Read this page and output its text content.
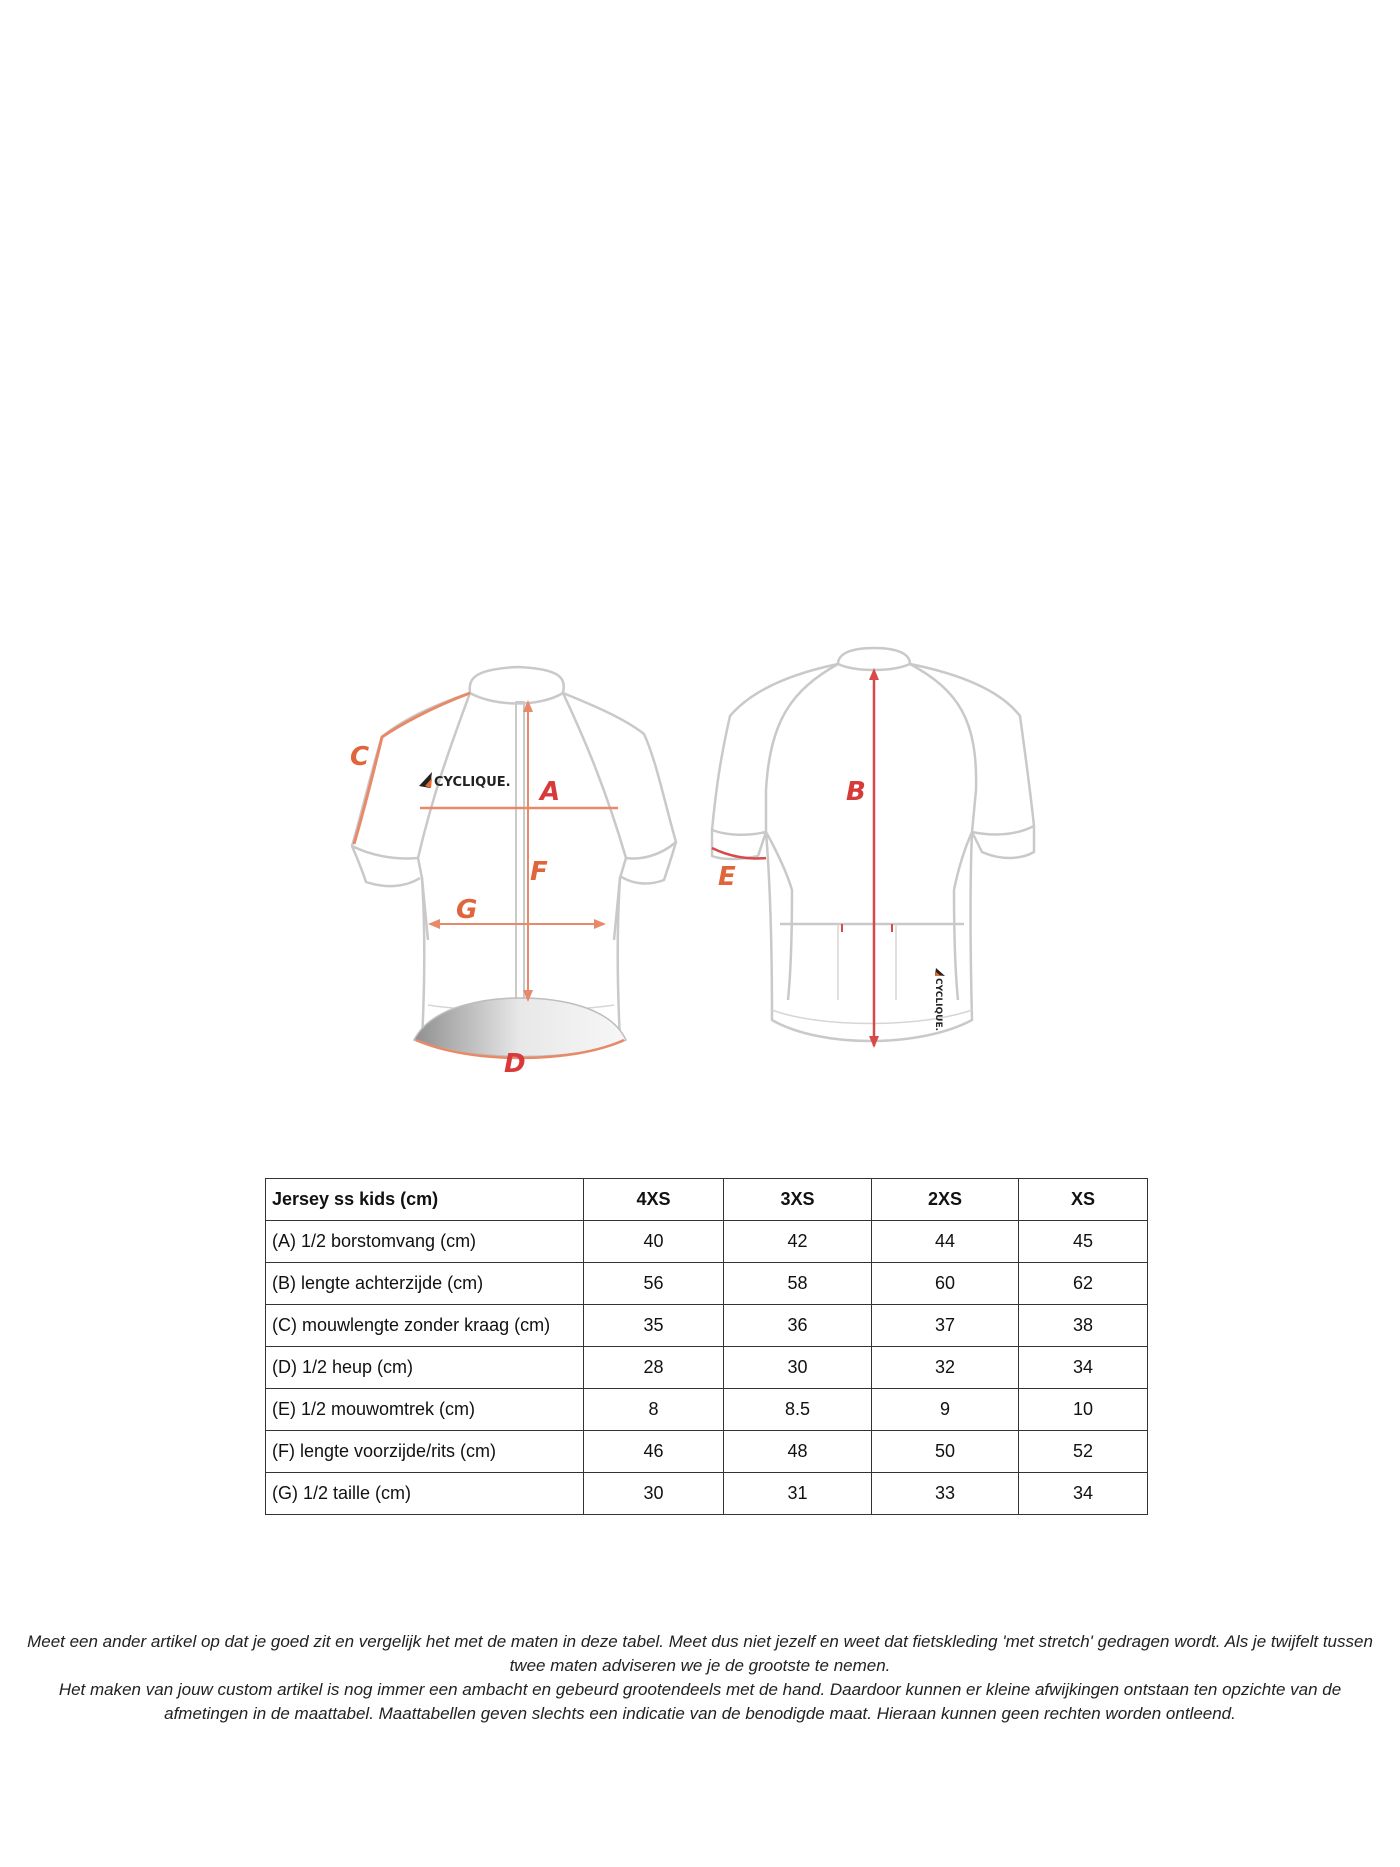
CYCLIQUE.
CYCLIQUE.
C
A
F
G
D
B
E
Jersey ss kids (cm)	4XS	3XS	2XS	XS
(A) 1/2 borstomvang (cm)	40	42	44	45
(B) lengte achterzijde (cm)	56	58	60	62
(C) mouwlengte zonder kraag (cm)	35	36	37	38
(D) 1/2 heup (cm)	28	30	32	34
(E) 1/2 mouwomtrek (cm)	8	8.5	9	10
(F) lengte voorzijde/rits (cm)	46	48	50	52
(G) 1/2 taille (cm)	30	31	33	34

Meet een ander artikel op dat je goed zit en vergelijk het met de maten in deze tabel. Meet dus niet jezelf en weet dat fietskleding 'met stretch' gedragen wordt. Als je twijfelt tussen twee maten adviseren we je de grootste te nemen.

Het maken van jouw custom artikel is nog immer een ambacht en gebeurd grootendeels met de hand. Daardoor kunnen er kleine afwijkingen ontstaan ten opzichte van de afmetingen in de maattabel. Maattabellen geven slechts een indicatie van de benodigde maat. Hieraan kunnen geen rechten worden ontleend.
